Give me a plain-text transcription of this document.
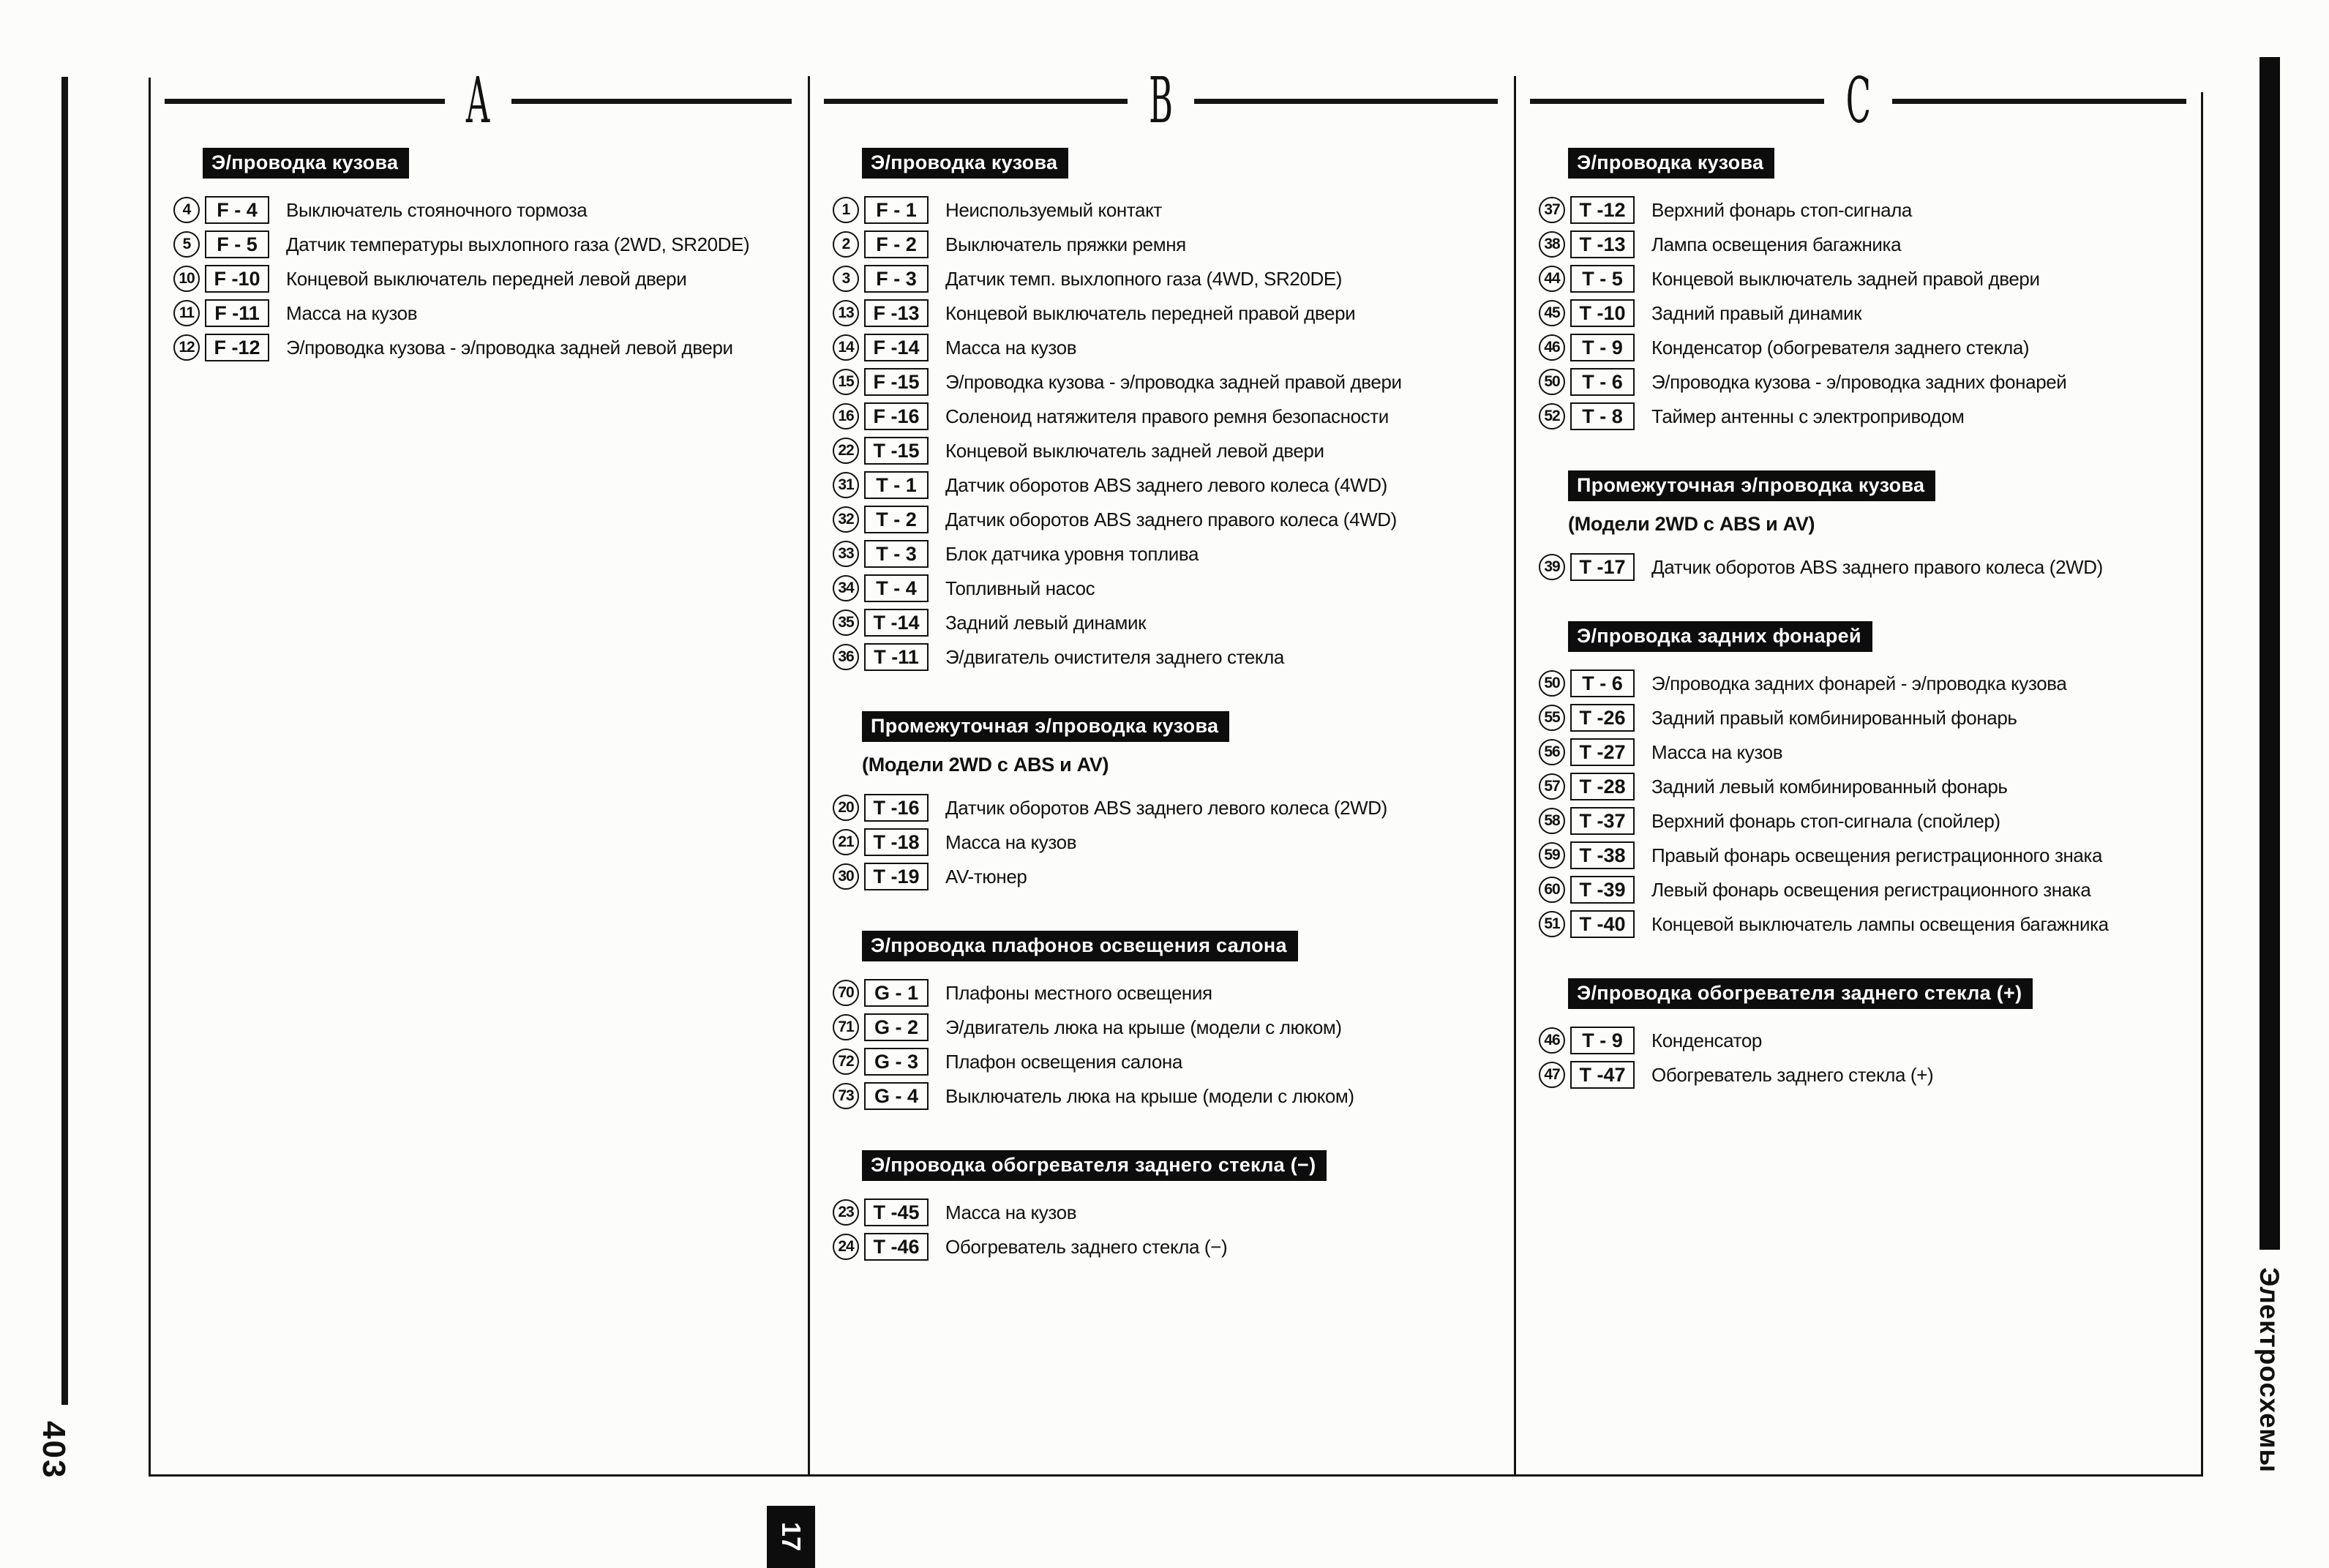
A
Э/проводка кузова
4	F - 4	Выключатель стояночного тормоза
5	F - 5	Датчик температуры выхлопного газа (2WD, SR20DE)
10 F -10	Концевой выключатель передней левой двери
11	F -11	Масса на кузов
12 F -12	Э/проводка кузова - э/проводка задней левой двери
B
Э/проводка кузова
1	F - 1	Неиспользуемый контакт
2	F - 2	Выключатель пряжки ремня
3	F - 3	Датчик темп. выхлопного газа (4WD, SR20DE)
13 F -13	Концевой выключатель передней правой двери
14 F -14	Масса на кузов
15 F -15	Э/проводка кузова - э/проводка задней правой двери
16 F -16	Соленоид натяжителя правого ремня безопасности
22 T -15	Концевой выключатель задней левой двери
31	T - 1	Датчик оборотов ABS заднего левого колеса (4WD)
32	T - 2	Датчик оборотов ABS заднего правого колеса (4WD)
33	T - 3	Блок датчика уровня топлива
34	T - 4	Топливный насос
35 T -14	Задний левый динамик
36	T -11	Э/двигатель очистителя заднего стекла
Промежуточная э/проводка кузова
(Модели 2WD с ABS и AV)
20 T -16	Датчик оборотов ABS заднего левого колеса (2WD)
21 T -18	Масса на кузов
30 T -19	AV-тюнер
Э/проводка плафонов освещения салона
70	G - 1	Плафоны местного освещения
71	G - 2	Э/двигатель люка на крыше (модели с люком)
72	G - 3	Плафон освещения салона
73	G - 4	Выключатель люка на крыше (модели с люком)
Э/проводка обогревателя заднего стекла (−)
23 T -45	Масса на кузов
24 T -46	Обогреватель заднего стекла (−)
C
Э/проводка кузова
37 T -12	Верхний фонарь стоп-сигнала
38 T -13	Лампа освещения багажника
44	T - 5	Концевой выключатель задней правой двери
45 T -10	Задний правый динамик
46	T - 9	Конденсатор (обогревателя заднего стекла)
50	T - 6	Э/проводка кузова - э/проводка задних фонарей
52	T - 8	Таймер антенны с электроприводом
Промежуточная э/проводка кузова
(Модели 2WD с ABS и AV)
39 T -17	Датчик оборотов ABS заднего правого колеса (2WD)
Э/проводка задних фонарей
50	T - 6	Э/проводка задних фонарей - э/проводка кузова
55 T -26	Задний правый комбинированный фонарь
56 T -27	Масса на кузов
57 T -28	Задний левый комбинированный фонарь
58 T -37	Верхний фонарь стоп-сигнала (спойлер)
59 T -38	Правый фонарь освещения регистрационного знака
60 T -39	Левый фонарь освещения регистрационного знака
51 T -40	Концевой выключатель лампы освещения багажника
Э/проводка обогревателя заднего стекла (+)
46	T - 9	Конденсатор
47 T -47	Обогреватель заднего стекла (+)
403	Электросхемы
17
